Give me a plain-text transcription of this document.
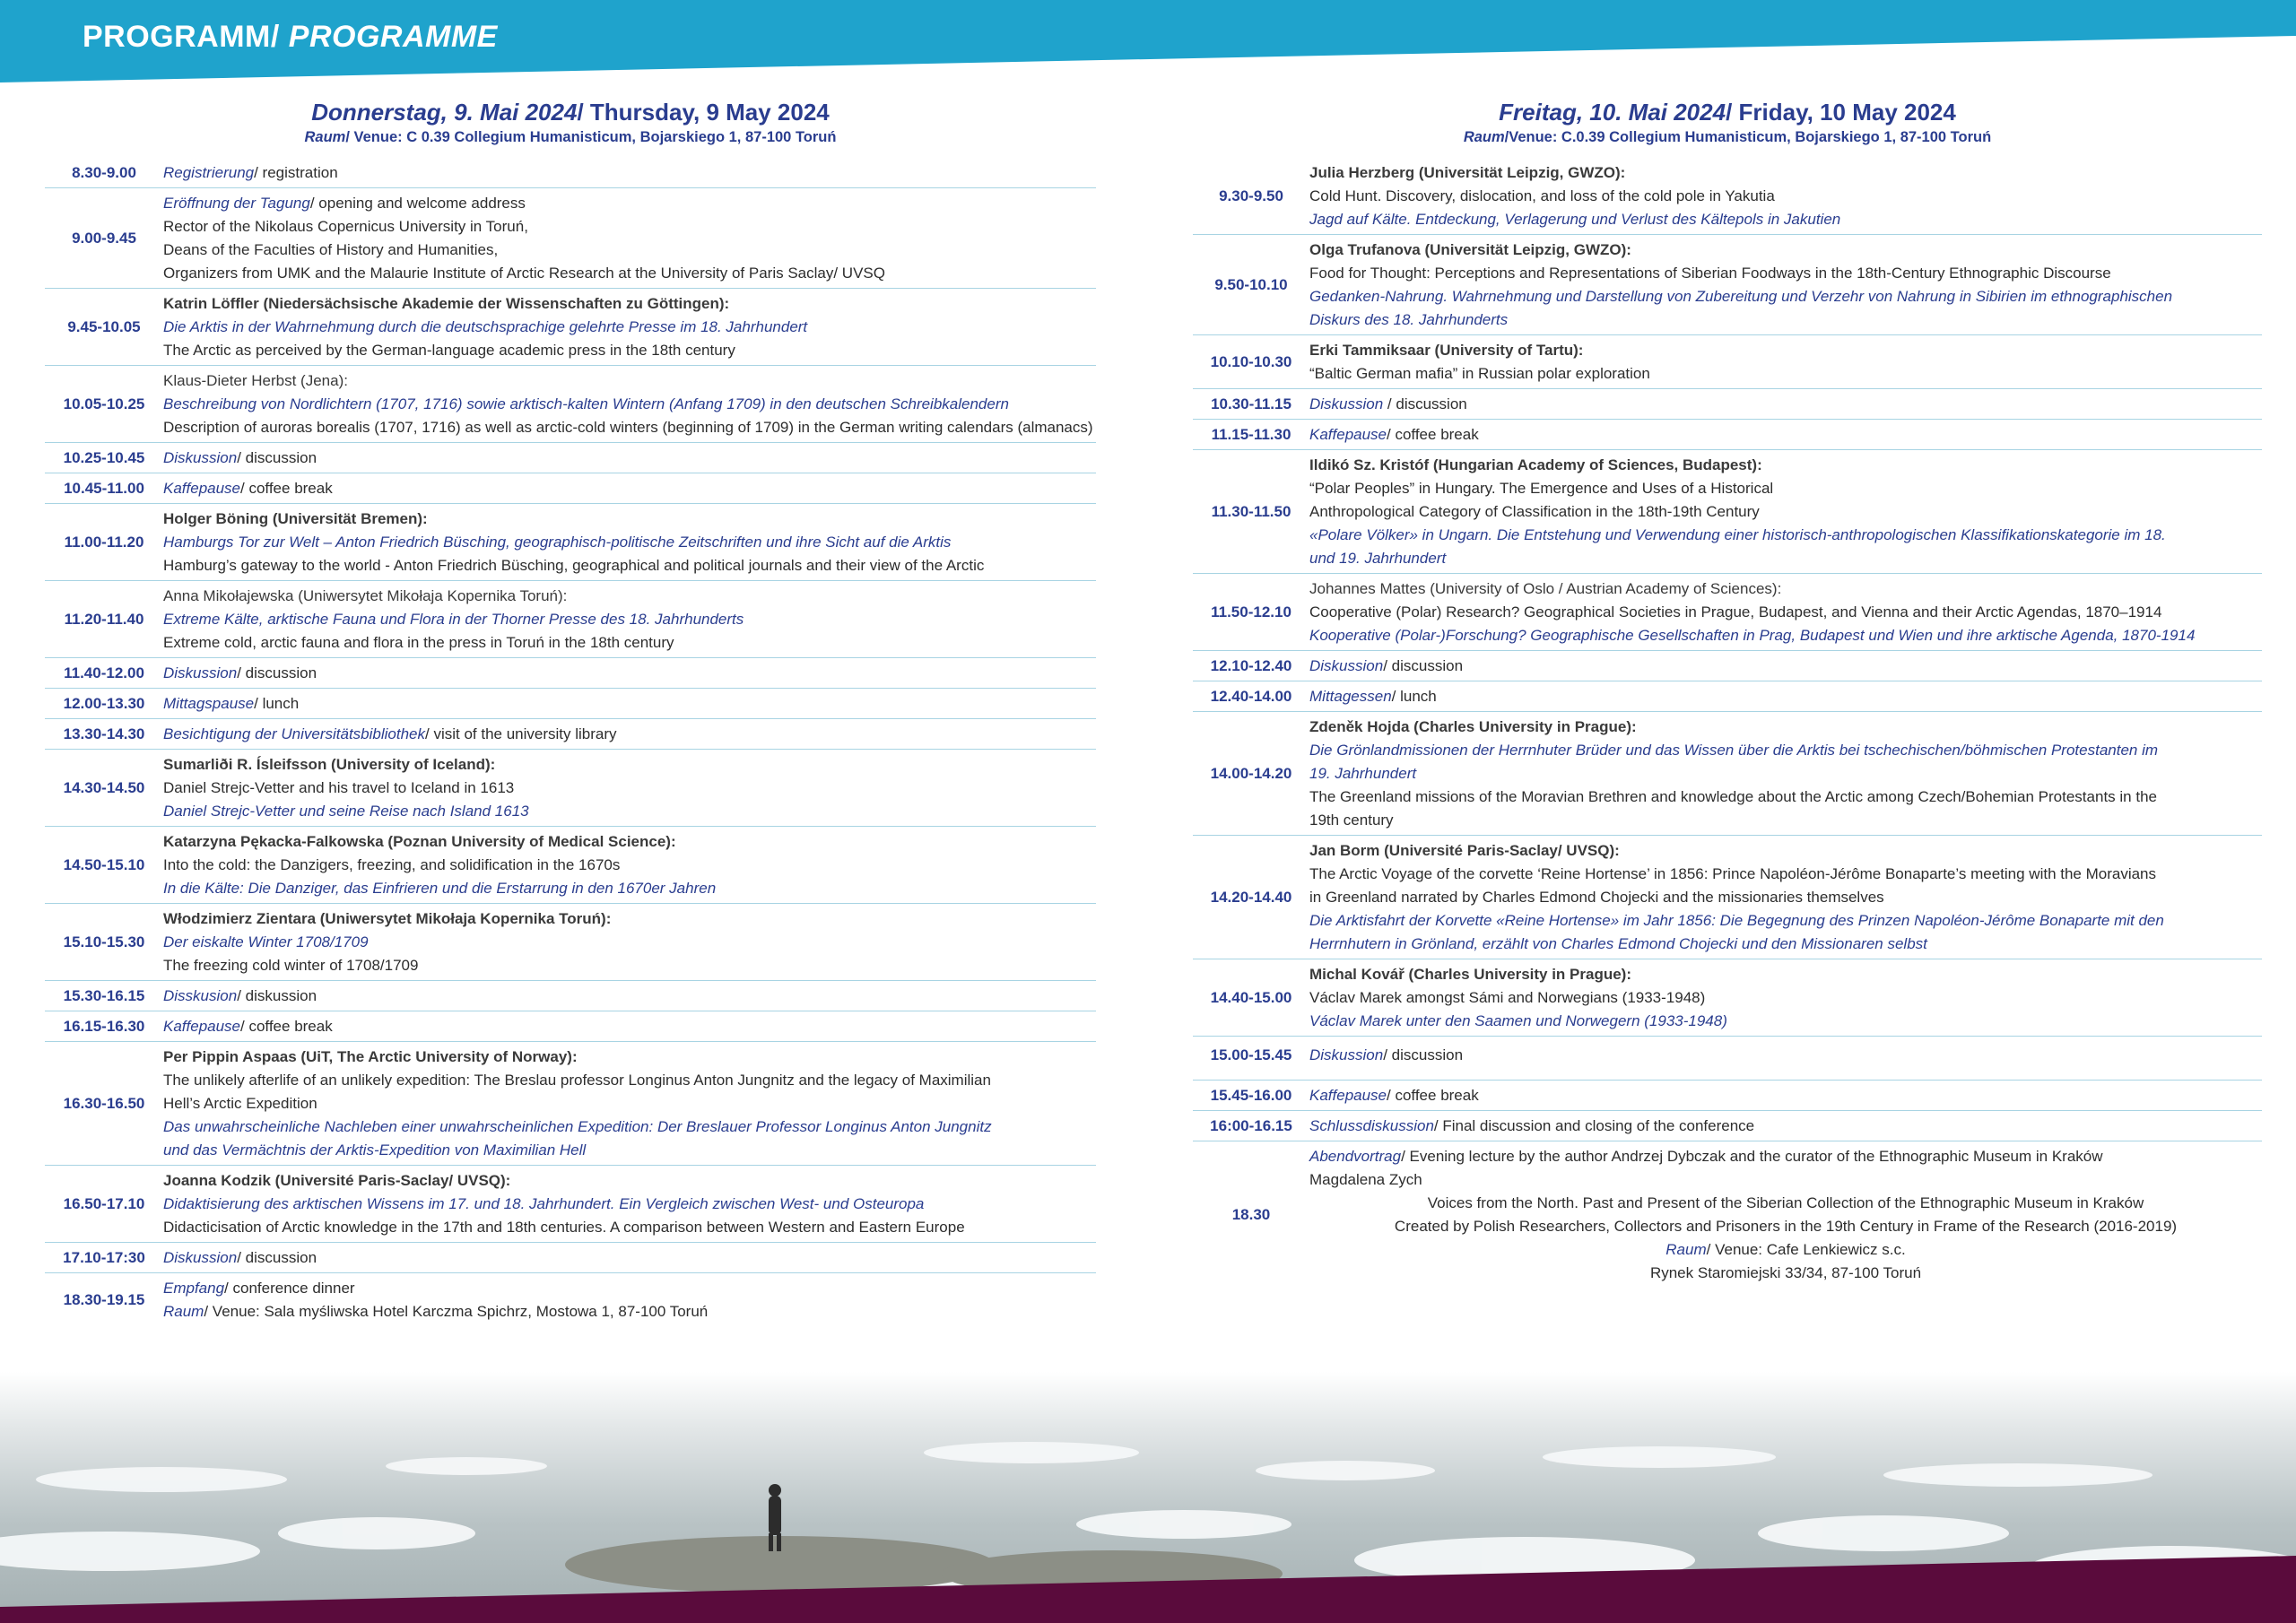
PROGRAMM/ PROGRAMME
Donnerstag, 9. Mai 2024/ Thursday, 9 May 2024
Raum/ Venue: C 0.39 Collegium Humanisticum, Bojarskiego 1, 87-100 Toruń
8.30-9.00	Registrierung/ registration
9.00-9.45
Eröffnung der Tagung/ opening and welcome address
Rector of the Nikolaus Copernicus University in Toruń,
Deans of the Faculties of History and Humanities,
Organizers from UMK and the Malaurie Institute of Arctic Research at the University of Paris Saclay/ UVSQ
9.45-10.05
Katrin Löffler (Niedersächsische Akademie der Wissenschaften zu Göttingen):
Die Arktis in der Wahrnehmung durch die deutschsprachige gelehrte Presse im 18. Jahrhundert
The Arctic as perceived by the German-language academic press in the 18th century
10.05-10.25
Klaus-Dieter Herbst (Jena):
Beschreibung von Nordlichtern (1707, 1716) sowie arktisch-kalten Wintern (Anfang 1709) in den deutschen Schreibkalendern
Description of auroras borealis (1707, 1716) as well as arctic-cold winters (beginning of 1709) in the German writing calendars (almanacs)
10.25-10.45	Diskussion/ discussion
10.45-11.00	Kaffepause/ coffee break
11.00-11.20
Holger Böning (Universität Bremen):
Hamburgs Tor zur Welt – Anton Friedrich Büsching, geographisch-politische Zeitschriften und ihre Sicht auf die Arktis
Hamburg’s gateway to the world - Anton Friedrich Büsching, geographical and political journals and their view of the Arctic
11.20-11.40
Anna Mikołajewska (Uniwersytet Mikołaja Kopernika Toruń):
Extreme Kälte, arktische Fauna und Flora in der Thorner Presse des 18. Jahrhunderts
Extreme cold, arctic fauna and flora in the press in Toruń in the 18th century
11.40-12.00	Diskussion/ discussion
12.00-13.30	Mittagspause/ lunch
13.30-14.30	Besichtigung der Universitätsbibliothek/ visit of the university library
14.30-14.50
Sumarliði R. Ísleifsson (University of Iceland):
Daniel Strejc-Vetter and his travel to Iceland in 1613
Daniel Strejc-Vetter und seine Reise nach Island 1613
14.50-15.10
Katarzyna Pękacka-Falkowska (Poznan University of Medical Science):
Into the cold: the Danzigers, freezing, and solidification in the 1670s
In die Kälte: Die Danziger, das Einfrieren und die Erstarrung in den 1670er Jahren
15.10-15.30
Włodzimierz Zientara (Uniwersytet Mikołaja Kopernika Toruń):
Der eiskalte Winter 1708/1709
The freezing cold winter of 1708/1709
15.30-16.15	Disskusion/ diskussion
16.15-16.30	Kaffepause/ coffee break
16.30-16.50
Per Pippin Aspaas (UiT, The Arctic University of Norway):
The unlikely afterlife of an unlikely expedition: The Breslau professor Longinus Anton Jungnitz and the legacy of Maximilian
Hell’s Arctic Expedition
Das unwahrscheinliche Nachleben einer unwahrscheinlichen Expedition: Der Breslauer Professor Longinus Anton Jungnitz
und das Vermächtnis der Arktis-Expedition von Maximilian Hell
16.50-17.10
Joanna Kodzik (Université Paris-Saclay/ UVSQ):
Didaktisierung des arktischen Wissens im 17. und 18. Jahrhundert. Ein Vergleich zwischen West- und Osteuropa
Didacticisation of Arctic knowledge in the 17th and 18th centuries. A comparison between Western and Eastern Europe
17.10-17:30	Diskussion/ discussion
18.30-19.15
Empfang/ conference dinner
Raum/ Venue: Sala myśliwska Hotel Karczma Spichrz, Mostowa 1, 87-100 Toruń
Freitag, 10. Mai 2024/ Friday, 10 May 2024
Raum/Venue: C.0.39 Collegium Humanisticum, Bojarskiego 1, 87-100 Toruń
9.30-9.50
Julia Herzberg (Universität Leipzig, GWZO):
Cold Hunt. Discovery, dislocation, and loss of the cold pole in Yakutia
Jagd auf Kälte. Entdeckung, Verlagerung und Verlust des Kältepols in Jakutien
9.50-10.10
Olga Trufanova (Universität Leipzig, GWZO):
Food for Thought: Perceptions and Representations of Siberian Foodways in the 18th-Century Ethnographic Discourse
Gedanken-Nahrung. Wahrnehmung und Darstellung von Zubereitung und Verzehr von Nahrung in Sibirien im ethnographischen
Diskurs des 18. Jahrhunderts
10.10-10.30
Erki Tammiksaar (University of Tartu):
“Baltic German mafia” in Russian polar exploration
10.30-11.15	Diskussion / discussion
11.15-11.30	Kaffepause/ coffee break
11.30-11.50
Ildikó Sz. Kristóf (Hungarian Academy of Sciences, Budapest):
“Polar Peoples” in Hungary. The Emergence and Uses of a Historical
Anthropological Category of Classification in the 18th-19th Century
«Polare Völker» in Ungarn. Die Entstehung und Verwendung einer historisch-anthropologischen Klassifikationskategorie im 18.
und 19. Jahrhundert
11.50-12.10
Johannes Mattes (University of Oslo / Austrian Academy of Sciences):
Cooperative (Polar) Research? Geographical Societies in Prague, Budapest, and Vienna and their Arctic Agendas, 1870–1914
Kooperative (Polar-)Forschung? Geographische Gesellschaften in Prag, Budapest und Wien und ihre arktische Agenda, 1870-1914
12.10-12.40	Diskussion/ discussion
12.40-14.00	Mittagessen/ lunch
14.00-14.20
Zdeněk Hojda (Charles University in Prague):
Die Grönlandmissionen der Herrnhuter Brüder und das Wissen über die Arktis bei tschechischen/böhmischen Protestanten im
19. Jahrhundert
The Greenland missions of the Moravian Brethren and knowledge about the Arctic among Czech/Bohemian Protestants in the
19th century
14.20-14.40
Jan Borm (Université Paris-Saclay/ UVSQ):
The Arctic Voyage of the corvette ‘Reine Hortense’ in 1856: Prince Napoléon-Jérôme Bonaparte’s meeting with the Moravians
in Greenland narrated by Charles Edmond Chojecki and the missionaries themselves
Die Arktisfahrt der Korvette «Reine Hortense» im Jahr 1856: Die Begegnung des Prinzen Napoléon-Jérôme Bonaparte mit den
Herrnhutern in Grönland, erzählt von Charles Edmond Chojecki und den Missionaren selbst
14.40-15.00
Michal Kovář (Charles University in Prague):
Václav Marek amongst Sámi and Norwegians (1933-1948)
Václav Marek unter den Saamen und Norwegern (1933-1948)
15.00-15.45	Diskussion/ discussion
15.45-16.00	Kaffepause/ coffee break
16:00-16.15	Schlussdiskussion/ Final discussion and closing of the conference
18.30
Abendvortrag/ Evening lecture by the author Andrzej Dybczak and the curator of the Ethnographic Museum in Kraków
Magdalena Zych
Voices from the North. Past and Present of the Siberian Collection of the Ethnographic Museum in Kraków
Created by Polish Researchers, Collectors and Prisoners in the 19th Century in Frame of the Research (2016-2019)
Raum/ Venue: Cafe Lenkiewicz s.c.
Rynek Staromiejski 33/34, 87-100 Toruń
